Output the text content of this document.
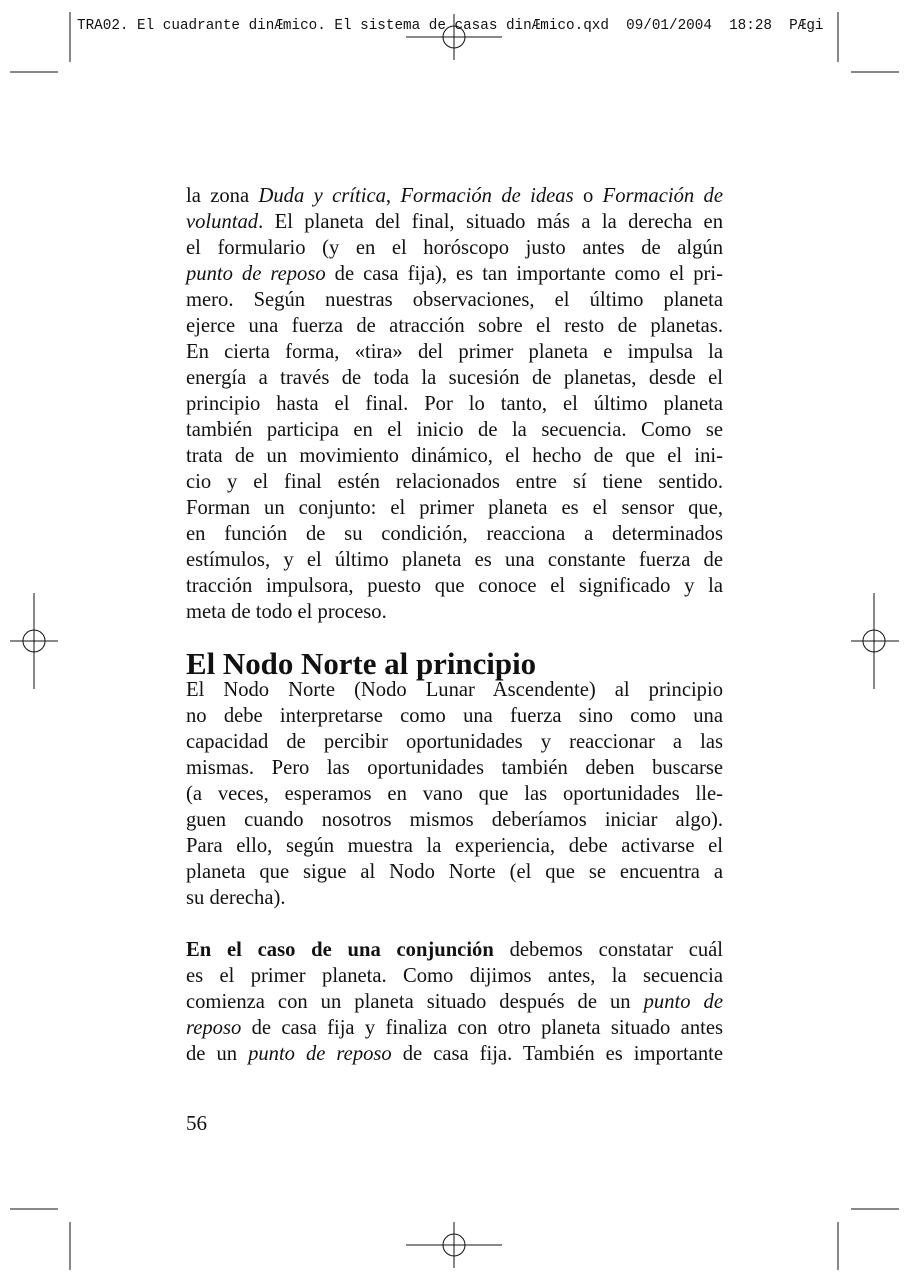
TRA02. El cuadrante dinÆmico. El sistema de casas dinÆmico.qxd 09/01/2004 18:28 PÆgi
la zona Duda y crítica, Formación de ideas o Formación de
voluntad. El planeta del final, situado más a la derecha en
el formulario (y en el horóscopo justo antes de algún
punto de reposo de casa fija), es tan importante como el pri-
mero. Según nuestras observaciones, el último planeta
ejerce una fuerza de atracción sobre el resto de planetas.
En cierta forma, «tira» del primer planeta e impulsa la
energía a través de toda la sucesión de planetas, desde el
principio hasta el final. Por lo tanto, el último planeta
también participa en el inicio de la secuencia. Como se
trata de un movimiento dinámico, el hecho de que el ini-
cio y el final estén relacionados entre sí tiene sentido.
Forman un conjunto: el primer planeta es el sensor que,
en función de su condición, reacciona a determinados
estímulos, y el último planeta es una constante fuerza de
tracción impulsora, puesto que conoce el significado y la
meta de todo el proceso.
El Nodo Norte al principio
El Nodo Norte (Nodo Lunar Ascendente) al principio
no debe interpretarse como una fuerza sino como una
capacidad de percibir oportunidades y reaccionar a las
mismas. Pero las oportunidades también deben buscarse
(a veces, esperamos en vano que las oportunidades lle-
guen cuando nosotros mismos deberíamos iniciar algo).
Para ello, según muestra la experiencia, debe activarse el
planeta que sigue al Nodo Norte (el que se encuentra a
su derecha).
En el caso de una conjunción debemos constatar cuál
es el primer planeta. Como dijimos antes, la secuencia
comienza con un planeta situado después de un punto de
reposo de casa fija y finaliza con otro planeta situado antes
de un punto de reposo de casa fija. También es importante
56
